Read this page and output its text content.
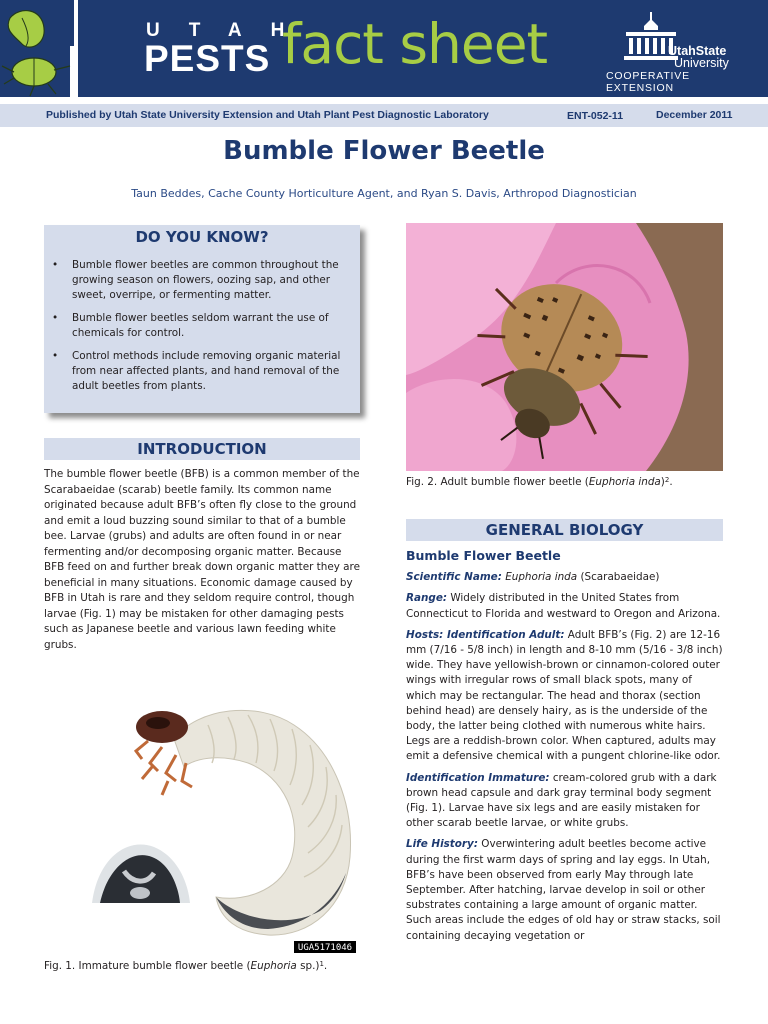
UTAH
PESTS fact sheet	UtahState
University
COOPERATIVE EXTENSION
Published by Utah State University Extension and Utah Plant Pest Diagnostic Laboratory	ENT-052-11	December 2011
Bumble Flower Beetle
Taun Beddes, Cache County Horticulture Agent, and Ryan S. Davis, Arthropod Diagnostician
DO YOU KNOW?
• Bumble flower beetles are common throughout the growing season on flowers, oozing sap, and other sweet, overripe, or fermenting matter.
• Bumble flower beetles seldom warrant the use of chemicals for control.
• Control methods include removing organic material from near affected plants, and hand removal of the adult beetles from plants.
INTRODUCTION

The bumble flower beetle (BFB) is a common member of the Scarabaeidae (scarab) beetle family. Its common name originated because adult BFB’s often fly close to the ground and emit a loud buzzing sound similar to that of a bumble bee. Larvae (grubs) and adults are often found in or near fermenting and/or decomposing organic matter. Because BFB feed on and further break down organic matter they are beneficial in many situations. Economic damage caused by BFB in Utah is rare and they seldom require control, though larvae (Fig. 1) may be mistaken for other damaging pests such as Japanese beetle and various lawn feeding white grubs.

UGA5171046
Fig. 1. Immature bumble flower beetle (Euphoria sp.)$^1$.
Fig. 2. Adult bumble flower beetle (Euphoria inda)$^2$.
GENERAL BIOLOGY
Bumble Flower Beetle

Scientific Name: Euphoria inda (Scarabaeidae)

Range: Widely distributed in the United States from Connecticut to Florida and westward to Oregon and Arizona.

Hosts: Identification Adult: Adult BFB’s (Fig. 2) are 12-16 mm (7/16 - 5/8 inch) in length and 8-10 mm (5/16 - 3/8 inch) wide. They have yellowish-brown or cinnamon-colored outer wings with irregular rows of small black spots, many of which may be rectangular. The head and thorax (section behind head) are densely hairy, as is the underside of the body, the latter being clothed with numerous white hairs. Legs are a reddish-brown color. When captured, adults may emit a defensive chemical with a pungent chlorine-like odor.

Identification Immature: cream-colored grub with a dark brown head capsule and dark gray terminal body segment (Fig. 1). Larvae have six legs and are easily mistaken for other scarab beetle larvae, or white grubs.

Life History: Overwintering adult beetles become active during the first warm days of spring and lay eggs. In Utah, BFB’s have been observed from early May through late September. After hatching, larvae develop in soil or other substrates containing a large amount of organic matter. Such areas include the edges of old hay or straw stacks, soil containing decaying vegetation or
